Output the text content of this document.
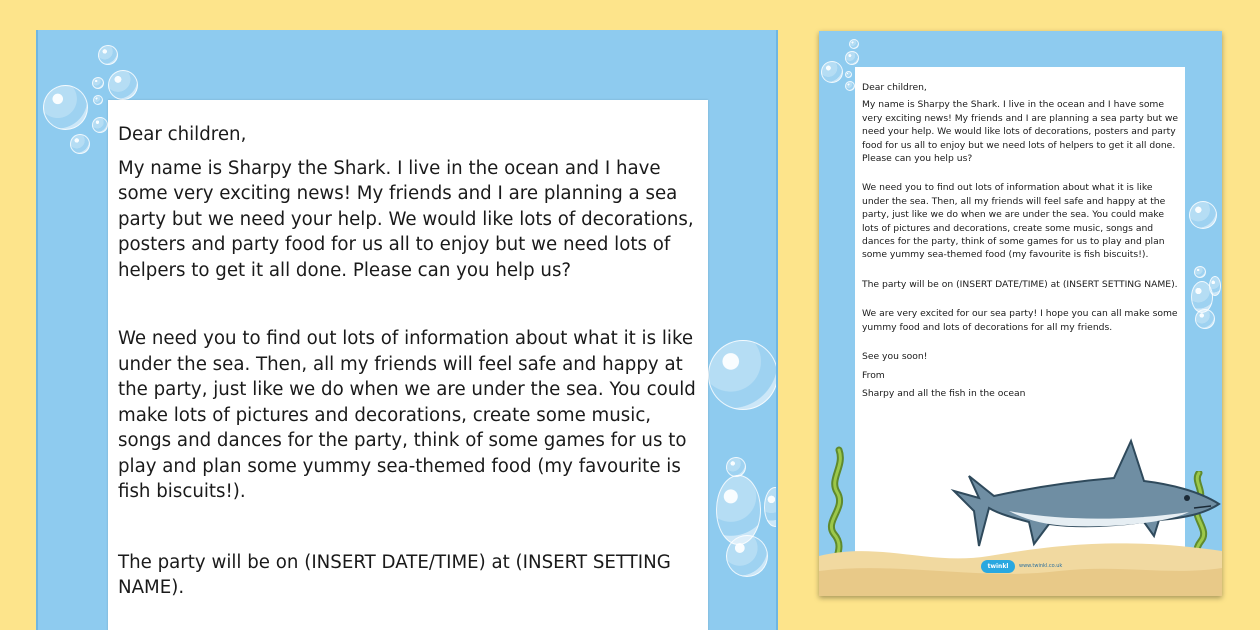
Dear children,

My name is Sharpy the Shark. I live in the ocean and I have some very exciting news! My friends and I are planning a sea party but we need your help. We would like lots of decorations, posters and party food for us all to enjoy but we need lots of helpers to get it all done. Please can you help us?

We need you to find out lots of information about what it is like under the sea. Then, all my friends will feel safe and happy at the party, just like we do when we are under the sea. You could make lots of pictures and decorations, create some music, songs and dances for the party, think of some games for us to play and plan some yummy sea-themed food (my favourite is fish biscuits!).

The party will be on (INSERT DATE/TIME) at (INSERT SETTING NAME).

Dear children,

My name is Sharpy the Shark. I live in the ocean and I have some very exciting news! My friends and I are planning a sea party but we need your help. We would like lots of decorations, posters and party food for us all to enjoy but we need lots of helpers to get it all done. Please can you help us?

We need you to find out lots of information about what it is like under the sea. Then, all my friends will feel safe and happy at the party, just like we do when we are under the sea. You could make lots of pictures and decorations, create some music, songs and dances for the party, think of some games for us to play and plan some yummy sea-themed food (my favourite is fish biscuits!).

The party will be on (INSERT DATE/TIME) at (INSERT SETTING NAME).

We are very excited for our sea party! I hope you can all make some yummy food and lots of decorations for all my friends.

See you soon!

From

Sharpy and all the fish in the ocean

twinkl	www.twinkl.co.uk
